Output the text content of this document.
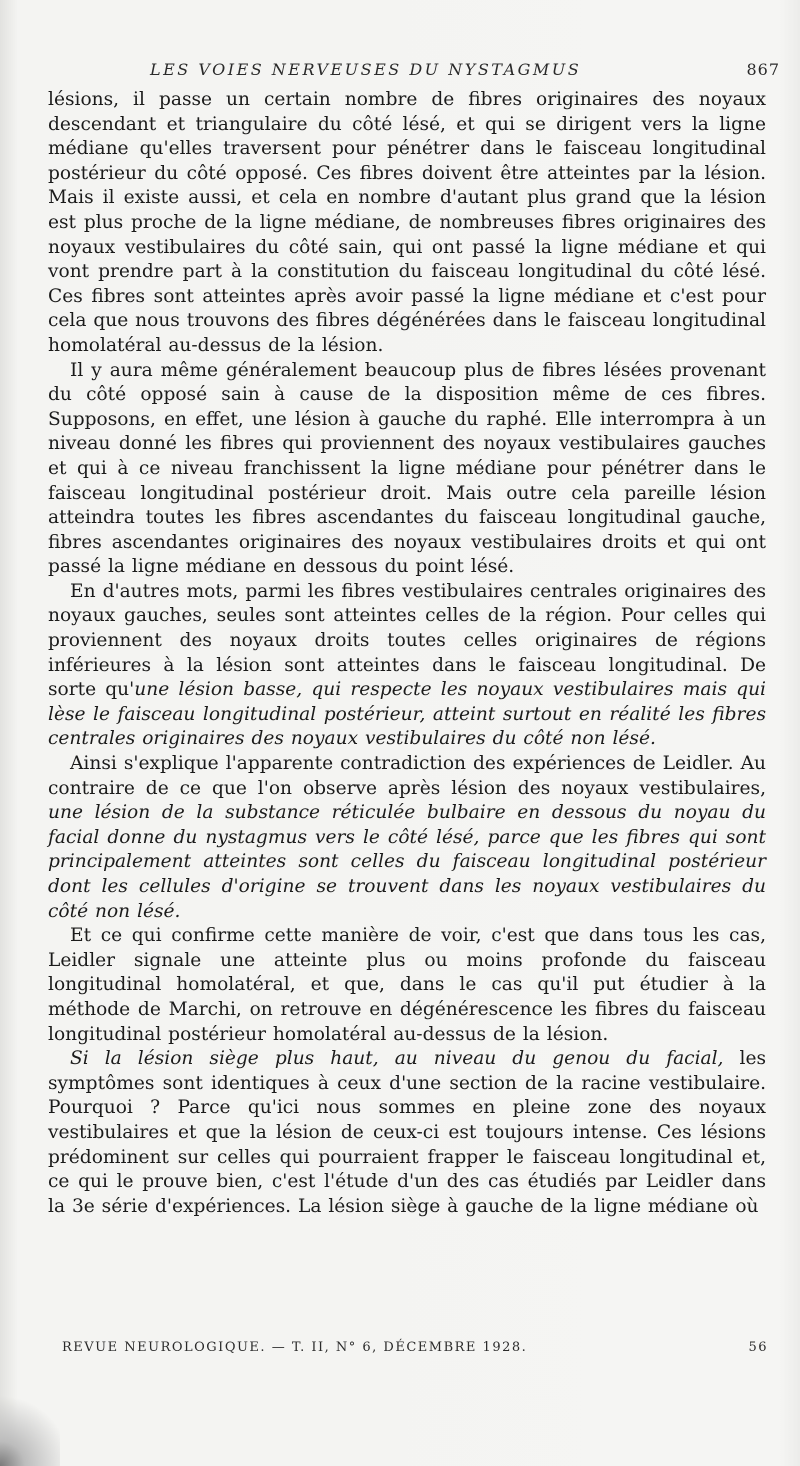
LES VOIES NERVEUSES DU NYSTAGMUS	867

lésions, il passe un certain nombre de fibres originaires des noyaux descendant et triangulaire du côté lésé, et qui se dirigent vers la ligne médiane qu'elles traversent pour pénétrer dans le faisceau longitudinal postérieur du côté opposé. Ces fibres doivent être atteintes par la lésion. Mais il existe aussi, et cela en nombre d'autant plus grand que la lésion est plus proche de la ligne médiane, de nombreuses fibres originaires des noyaux vestibulaires du côté sain, qui ont passé la ligne médiane et qui vont prendre part à la constitution du faisceau longitudinal du côté lésé. Ces fibres sont atteintes après avoir passé la ligne médiane et c'est pour cela que nous trouvons des fibres dégénérées dans le faisceau longitudinal homolatéral au-dessus de la lésion.

Il y aura même généralement beaucoup plus de fibres lésées provenant du côté opposé sain à cause de la disposition même de ces fibres. Supposons, en effet, une lésion à gauche du raphé. Elle interrompra à un niveau donné les fibres qui proviennent des noyaux vestibulaires gauches et qui à ce niveau franchissent la ligne médiane pour pénétrer dans le faisceau longitudinal postérieur droit. Mais outre cela pareille lésion atteindra toutes les fibres ascendantes du faisceau longitudinal gauche, fibres ascendantes originaires des noyaux vestibulaires droits et qui ont passé la ligne médiane en dessous du point lésé.

En d'autres mots, parmi les fibres vestibulaires centrales originaires des noyaux gauches, seules sont atteintes celles de la région. Pour celles qui proviennent des noyaux droits toutes celles originaires de régions inférieures à la lésion sont atteintes dans le faisceau longitudinal. De sorte qu'une lésion basse, qui respecte les noyaux vestibulaires mais qui lèse le faisceau longitudinal postérieur, atteint surtout en réalité les fibres centrales originaires des noyaux vestibulaires du côté non lésé.

Ainsi s'explique l'apparente contradiction des expériences de Leidler. Au contraire de ce que l'on observe après lésion des noyaux vestibulaires, une lésion de la substance réticulée bulbaire en dessous du noyau du facial donne du nystagmus vers le côté lésé, parce que les fibres qui sont principalement atteintes sont celles du faisceau longitudinal postérieur dont les cellules d'origine se trouvent dans les noyaux vestibulaires du côté non lésé.

Et ce qui confirme cette manière de voir, c'est que dans tous les cas, Leidler signale une atteinte plus ou moins profonde du faisceau longitudinal homolatéral, et que, dans le cas qu'il put étudier à la méthode de Marchi, on retrouve en dégénérescence les fibres du faisceau longitudinal postérieur homolatéral au-dessus de la lésion.

Si la lésion siège plus haut, au niveau du genou du facial, les symptômes sont identiques à ceux d'une section de la racine vestibulaire. Pourquoi ? Parce qu'ici nous sommes en pleine zone des noyaux vestibulaires et que la lésion de ceux-ci est toujours intense. Ces lésions prédominent sur celles qui pourraient frapper le faisceau longitudinal et, ce qui le prouve bien, c'est l'étude d'un des cas étudiés par Leidler dans la 3e série d'expériences. La lésion siège à gauche de la ligne médiane où

REVUE NEUROLOGIQUE. — T. II, N° 6, DÉCEMBRE 1928.	56
